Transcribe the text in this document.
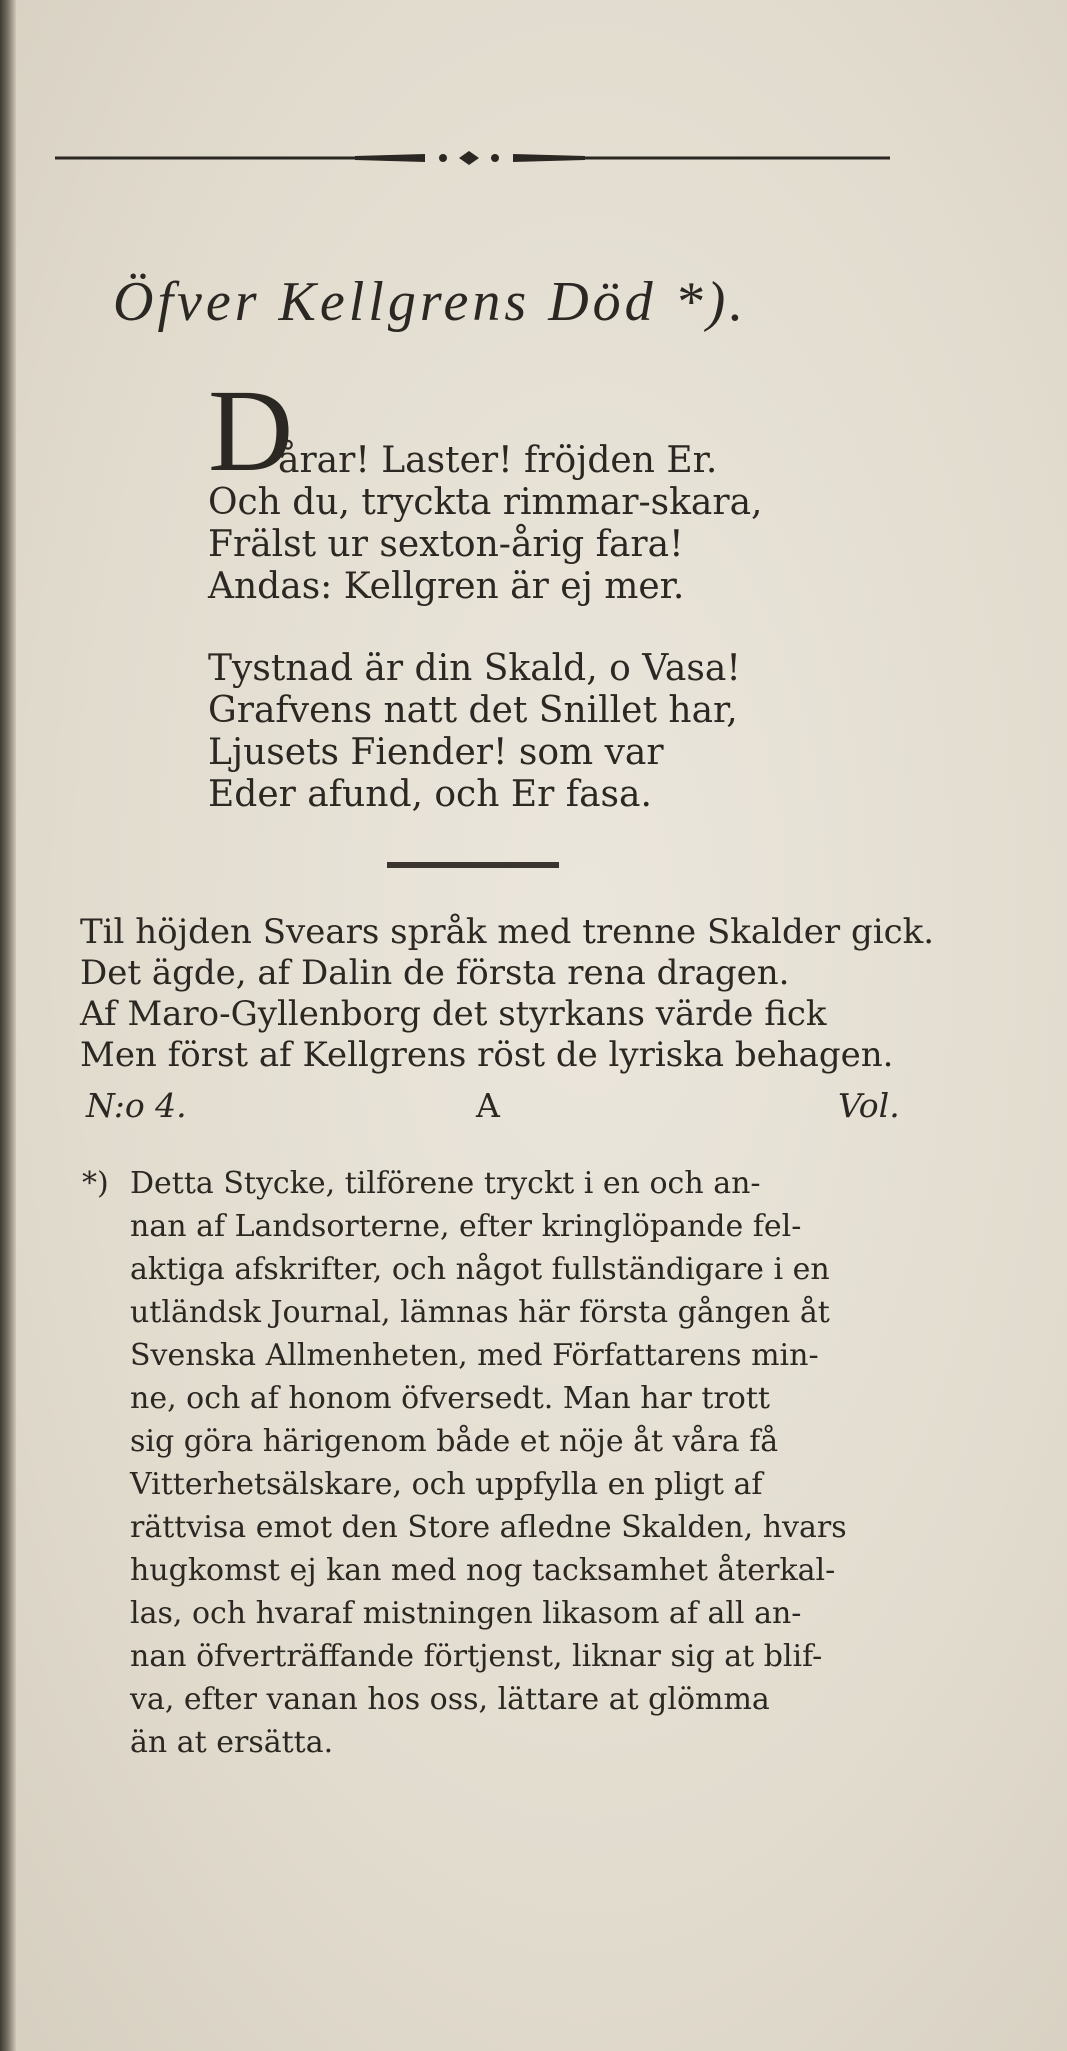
Öfver Kellgrens Död *).
D
årar! Laster! fröjden Er.
Och du, tryckta rimmar-skara,
Frälst ur sexton-årig fara!
Andas: Kellgren är ej mer.
Tystnad är din Skald, o Vasa!
Grafvens natt det Snillet har,
Ljusets Fiender! som var
Eder afund, och Er fasa.
Til höjden Svears språk med trenne Skalder gick.
Det ägde, af Dalin de första rena dragen.
Af Maro-Gyllenborg det styrkans värde fick
Men först af Kellgrens röst de lyriska behagen.
N:o 4.	A	Vol.
*) Detta Stycke, tilförene tryckt i en och an-
nan af Landsorterne, efter kringlöpande fel-
aktiga afskrifter, och något fullständigare i en
utländsk Journal, lämnas här första gången åt
Svenska Allmenheten, med Författarens min-
ne, och af honom öfversedt. Man har trott
sig göra härigenom både et nöje åt våra få
Vitterhetsälskare, och uppfylla en pligt af
rättvisa emot den Store afledne Skalden, hvars
hugkomst ej kan med nog tacksamhet återkal-
las, och hvaraf mistningen likasom af all an-
nan öfverträffande förtjenst, liknar sig at blif-
va, efter vanan hos oss, lättare at glömma
än at ersätta.
